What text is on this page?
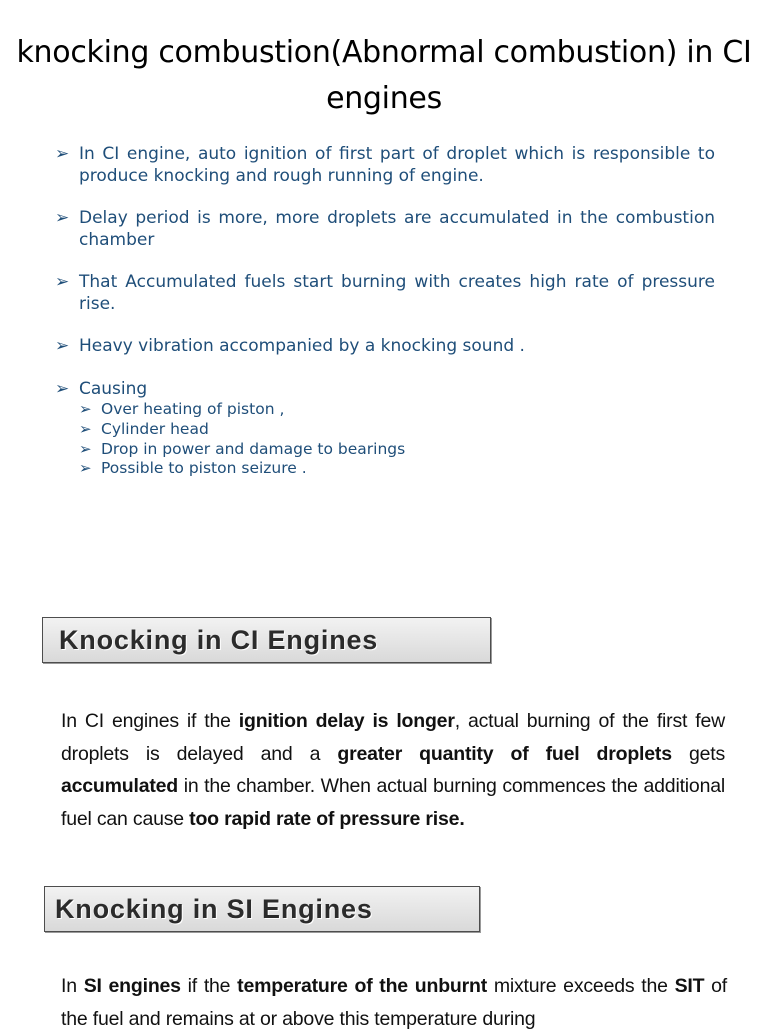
knocking combustion(Abnormal combustion) in CI engines
➢ In CI engine, auto ignition of first part of droplet which is responsible to produce knocking and rough running of engine.
➢ Delay period is more, more droplets are accumulated in the combustion chamber
➢ That Accumulated fuels start burning with creates high rate of pressure rise.
➢ Heavy vibration accompanied by a knocking sound .
➢ Causing
➢ Over heating of piston ,
➢ Cylinder head
➢ Drop in power and damage to bearings
➢ Possible to piston seizure .
Knocking in CI Engines
In CI engines if the ignition delay is longer, actual burning of the first few droplets is delayed and a greater quantity of fuel droplets gets accumulated in the chamber. When actual burning commences the additional fuel can cause too rapid rate of pressure rise.
Knocking in SI Engines
In SI engines if the temperature of the unburnt mixture exceeds the SIT of the fuel and remains at or above this temperature during
